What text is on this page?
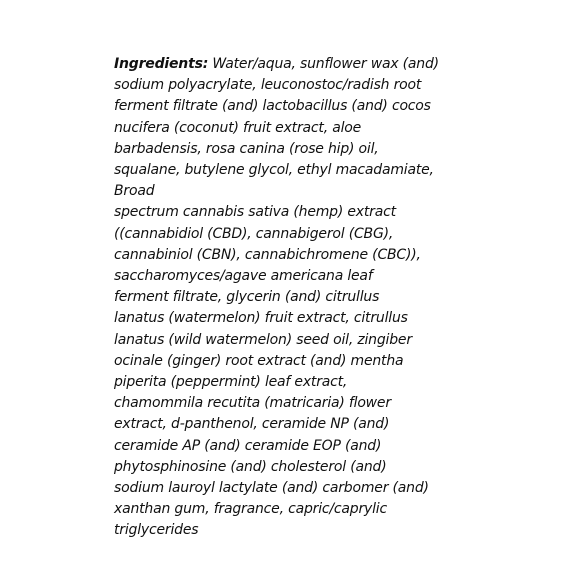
Ingredients: Water/aqua, sunflower wax (and)
sodium polyacrylate, leuconostoc/radish root
ferment filtrate (and) lactobacillus (and) cocos
nucifera (coconut) fruit extract, aloe
barbadensis, rosa canina (rose hip) oil,
squalane, butylene glycol, ethyl macadamiate,
Broad
spectrum cannabis sativa (hemp) extract
((cannabidiol (CBD), cannabigerol (CBG),
cannabiniol (CBN), cannabichromene (CBC)),
saccharomyces/agave americana leaf
ferment filtrate, glycerin (and) citrullus
lanatus (watermelon) fruit extract, citrullus
lanatus (wild watermelon) seed oil, zingiber
ocinale (ginger) root extract (and) mentha
piperita (peppermint) leaf extract,
chamommila recutita (matricaria) flower
extract, d-panthenol, ceramide NP (and)
ceramide AP (and) ceramide EOP (and)
phytosphinosine (and) cholesterol (and)
sodium lauroyl lactylate (and) carbomer (and)
xanthan gum, fragrance, capric/caprylic
triglycerides
